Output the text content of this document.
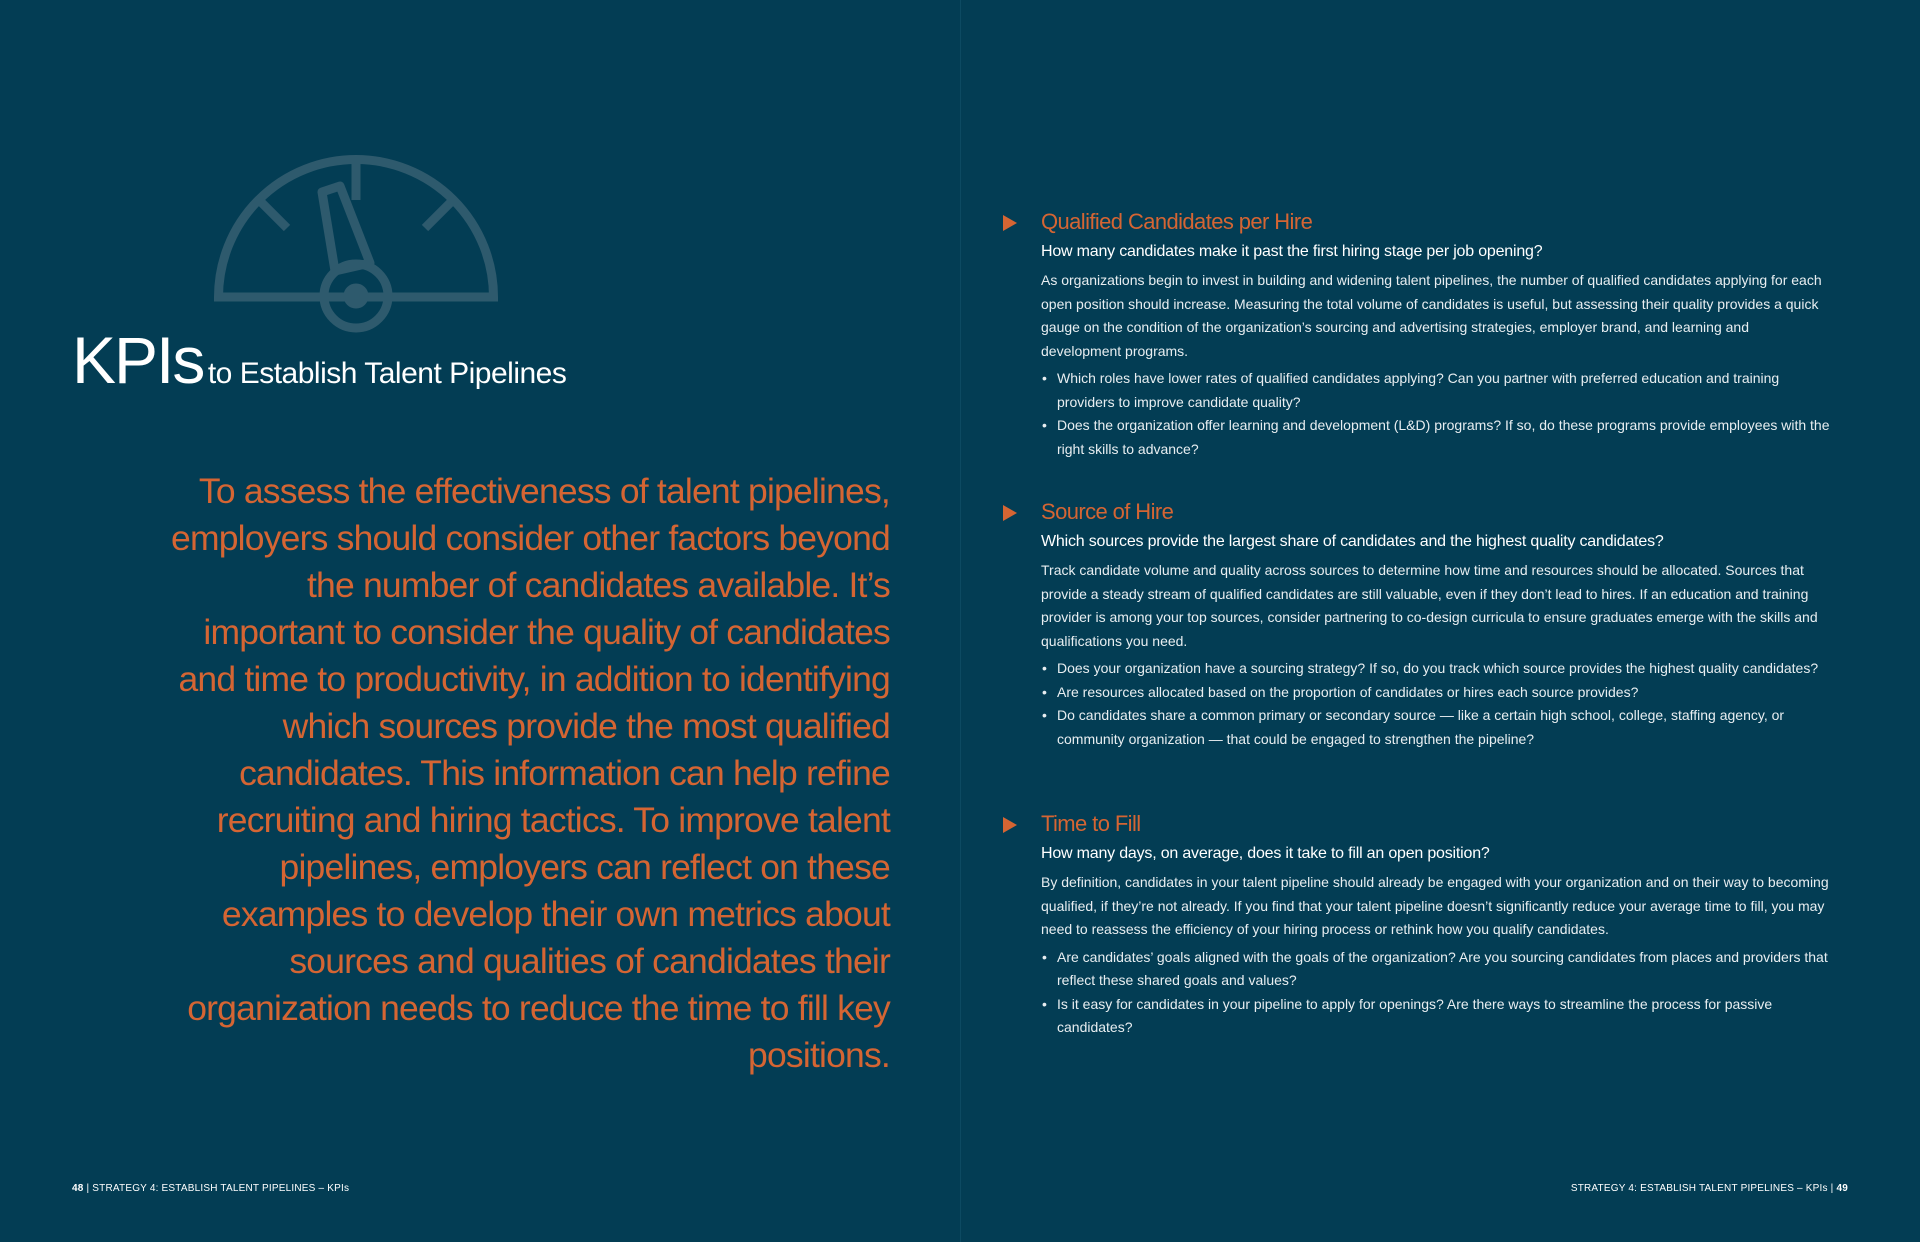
KPIs to Establish Talent Pipelines

To assess the effectiveness of talent pipelines, employers should consider other factors beyond the number of candidates available. It’s important to consider the quality of candidates and time to productivity, in addition to identifying which sources provide the most qualified candidates. This information can help refine recruiting and hiring tactics. To improve talent pipelines, employers can reflect on these examples to develop their own metrics about sources and qualities of candidates their organization needs to reduce the time to fill key positions.

48 | STRATEGY 4: ESTABLISH TALENT PIPELINES – KPIs
Qualified Candidates per Hire
How many candidates make it past the first hiring stage per job opening?

As organizations begin to invest in building and widening talent pipelines, the number of qualified candidates applying for each open position should increase. Measuring the total volume of candidates is useful, but assessing their quality provides a quick gauge on the condition of the organization’s sourcing and advertising strategies, employer brand, and learning and development programs.

• Which roles have lower rates of qualified candidates applying? Can you partner with preferred education and training providers to improve candidate quality?
• Does the organization offer learning and development (L&D) programs? If so, do these programs provide employees with the right skills to advance?
Source of Hire
Which sources provide the largest share of candidates and the highest quality candidates?

Track candidate volume and quality across sources to determine how time and resources should be allocated. Sources that provide a steady stream of qualified candidates are still valuable, even if they don’t lead to hires. If an education and training provider is among your top sources, consider partnering to co-design curricula to ensure graduates emerge with the skills and qualifications you need.

• Does your organization have a sourcing strategy? If so, do you track which source provides the highest quality candidates?
• Are resources allocated based on the proportion of candidates or hires each source provides?
• Do candidates share a common primary or secondary source — like a certain high school, college, staffing agency, or community organization — that could be engaged to strengthen the pipeline?
Time to Fill
How many days, on average, does it take to fill an open position?

By definition, candidates in your talent pipeline should already be engaged with your organization and on their way to becoming qualified, if they’re not already. If you find that your talent pipeline doesn’t significantly reduce your average time to fill, you may need to reassess the efficiency of your hiring process or rethink how you qualify candidates.

• Are candidates’ goals aligned with the goals of the organization? Are you sourcing candidates from places and providers that reflect these shared goals and values?
• Is it easy for candidates in your pipeline to apply for openings? Are there ways to streamline the process for passive candidates?
STRATEGY 4: ESTABLISH TALENT PIPELINES – KPIs | 49
